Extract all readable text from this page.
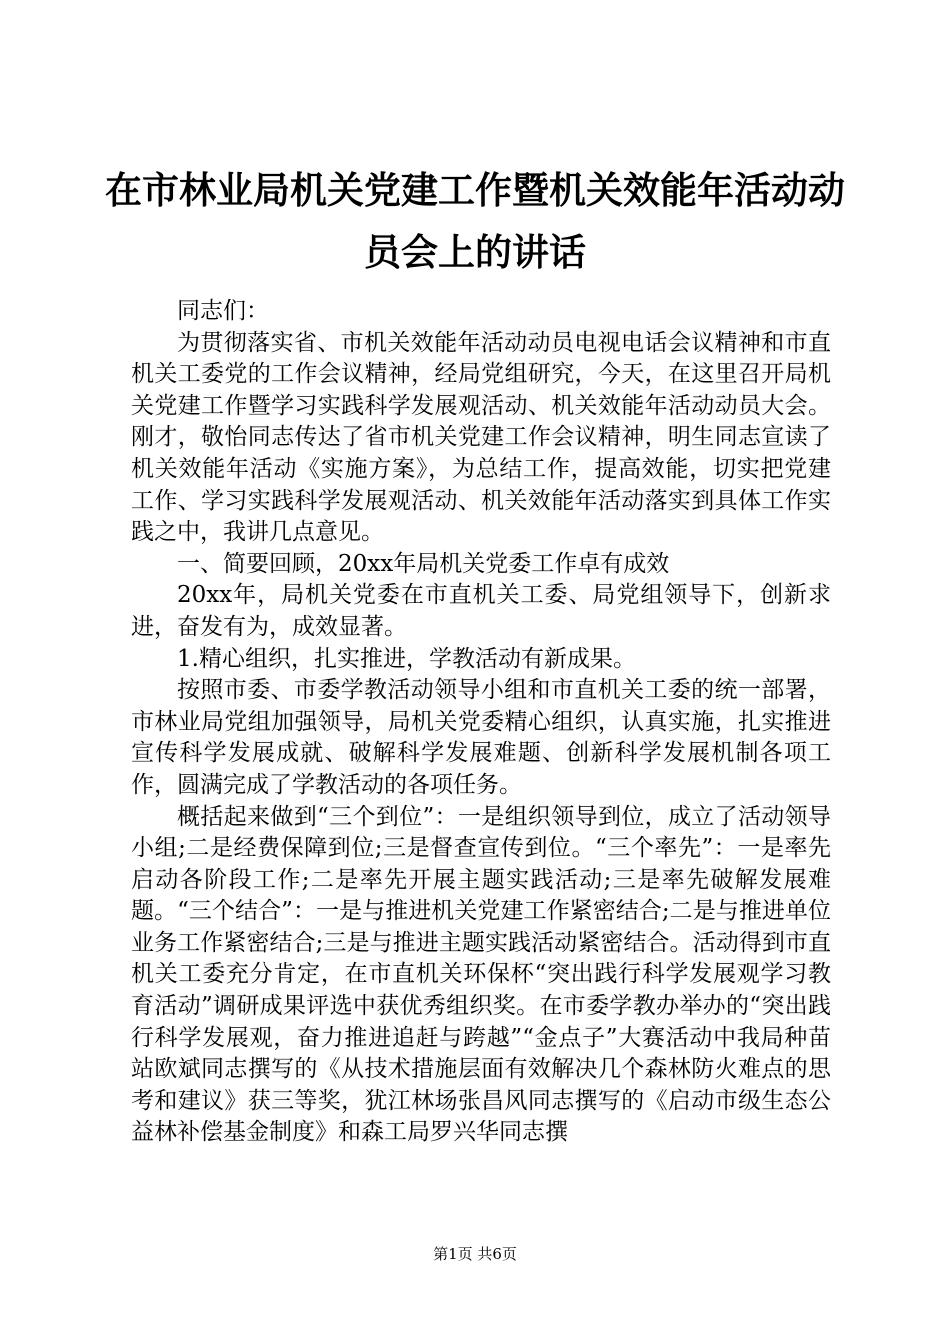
在市林业局机关党建工作暨机关效能年活动动
员会上的讲话

同志们：

为贯彻落实省、市机关效能年活动动员电视电话会议精神和市直机关工委党的工作会议精神，经局党组研究，今天，在这里召开局机关党建工作暨学习实践科学发展观活动、机关效能年活动动员大会。刚才，敬怡同志传达了省市机关党建工作会议精神，明生同志宣读了机关效能年活动《实施方案》，为总结工作，提高效能，切实把党建工作、学习实践科学发展观活动、机关效能年活动落实到具体工作实践之中，我讲几点意见。

一、简要回顾，20xx年局机关党委工作卓有成效

20xx年，局机关党委在市直机关工委、局党组领导下，创新求进，奋发有为，成效显著。

1.精心组织，扎实推进，学教活动有新成果。

按照市委、市委学教活动领导小组和市直机关工委的统一部署，市林业局党组加强领导，局机关党委精心组织，认真实施，扎实推进宣传科学发展成就、破解科学发展难题、创新科学发展机制各项工作，圆满完成了学教活动的各项任务。

概括起来做到“三个到位”：一是组织领导到位，成立了活动领导小组;二是经费保障到位;三是督查宣传到位。“三个率先”：一是率先启动各阶段工作;二是率先开展主题实践活动;三是率先破解发展难题。“三个结合”：一是与推进机关党建工作紧密结合;二是与推进单位业务工作紧密结合;三是与推进主题实践活动紧密结合。活动得到市直机关工委充分肯定，在市直机关环保杯“突出践行科学发展观学习教育活动”调研成果评选中获优秀组织奖。在市委学教办举办的“突出践行科学发展观，奋力推进追赶与跨越”“金点子”大赛活动中我局种苗站欧斌同志撰写的《从技术措施层面有效解决几个森林防火难点的思考和建议》获三等奖，犹江林场张昌风同志撰写的《启动市级生态公益林补偿基金制度》和森工局罗兴华同志撰

第1页 共6页
